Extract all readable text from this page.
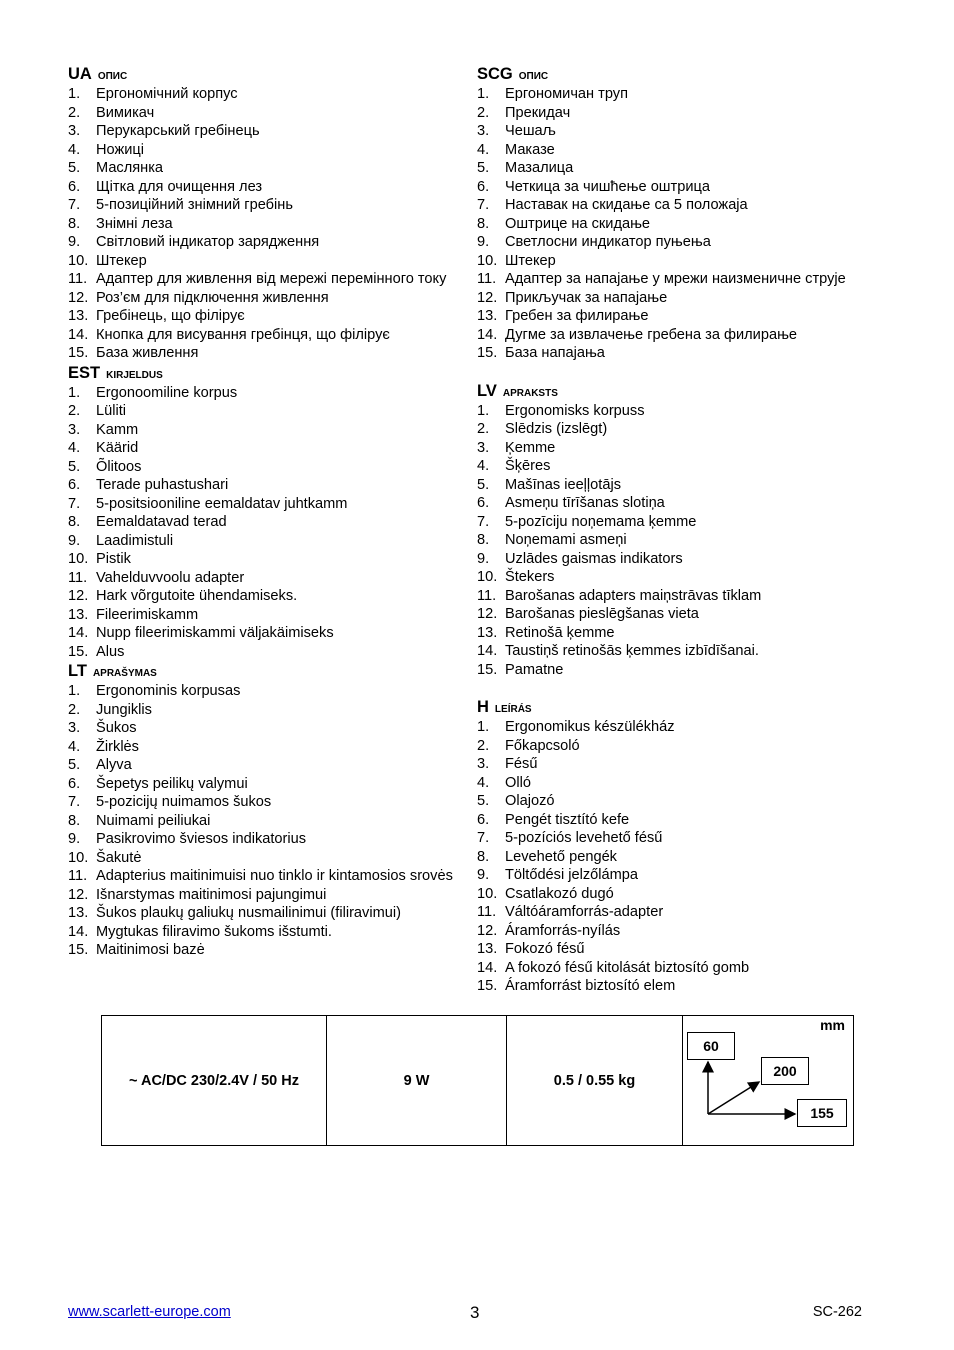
UA опис
1.	Ергономічний корпус
2.	Вимикач
3.	Перукарський гребінець
4.	Ножиці
5.	Маслянка
6.	Щітка для очищення лез
7.	5-позиційний знімний гребінь
8.	Знімні леза
9.	Світловий індикатор зарядження
10. Штекер
11. Адаптер для живлення від мережі перемінного току
12. Роз’єм для підключення живлення
13. Гребінець, що філірує
14. Кнопка для висування гребінця, що філірує
15. База живлення
EST kirjeldus
1.	Ergonoomiline korpus
2.	Lüliti
3.	Kamm
4.	Käärid
5.	Õlitoos
6.	Terade puhastushari
7.	5-positsiooniline eemaldatav juhtkamm
8.	Eemaldatavad terad
9.	Laadimistuli
10. Pistik
11. Vahelduvvoolu adapter
12. Hark võrgutoite ühendamiseks.
13. Fileerimiskamm
14. Nupp fileerimiskammi väljakäimiseks
15. Alus
LT aprašymas
1.	Ergonominis korpusas
2.	Jungiklis
3.	Šukos
4.	Žirklės
5.	Alyva
6.	Šepetys peilikų valymui
7.	5-pozicijų nuimamos šukos
8.	Nuimami peiliukai
9.	Pasikrovimo šviesos indikatorius
10. Šakutė
11. Adapterius maitinimuisi nuo tinklo ir kintamosios srovės
12. Išnarstymas maitinimosi pajungimui
13. Šukos plaukų galiukų nusmailinimui (filiravimui)
14. Mygtukas filiravimo šukoms išstumti.
15. Maitinimosi bazė
SCG опис
1.	Ергономичан труп
2.	Прекидач
3.	Чешаљ
4.	Маказе
5.	Мазалица
6.	Четкица за чишћење оштрица
7.	Наставак на скидање са 5 положаја
8.	Оштрице на скидање
9.	Светлосни индикатор пуњења
10. Штекер
11. Адаптер за напајање у мрежи наизменичне струје
12. Прикључак за напајање
13. Гребен за филирање
14. Дугме за извлачење гребена за филирање
15. База напајања
LV apraksts
1.	Ergonomisks korpuss
2.	Slēdzis (izslēgt)
3.	Ķemme
4.	Šķēres
5.	Mašīnas ieeļļotājs
6.	Asmeņu tīrīšanas slotiņa
7.	5-pozīciju noņemama ķemme
8.	Noņemami asmeņi
9.	Uzlādes gaismas indikators
10. Štekers
11. Barošanas adapters maiņstrāvas tīklam
12. Barošanas pieslēgšanas vieta
13. Retinošā ķemme
14. Taustiņš retinošās ķemmes izbīdīšanai.
15. Pamatne
H leírás
1.	Ergonomikus készülékház
2.	Főkapcsoló
3.	Fésű
4.	Olló
5.	Olajozó
6.	Pengét tisztító kefe
7.	5-pozíciós levehető fésű
8.	Levehető pengék
9.	Töltődési jelzőlámpa
10. Csatlakozó dugó
11. Váltóáramforrás-adapter
12. Áramforrás-nyílás
13. Fokozó fésű
14. A fokozó fésű kitolását biztosító gomb
15. Áramforrást biztosító elem
~ AC/DC 230/2.4V / 50 Hz	9 W	0.5 / 0.55 kg	
mm
60
200
155
www.scarlett-europe.com	3	SC-262
